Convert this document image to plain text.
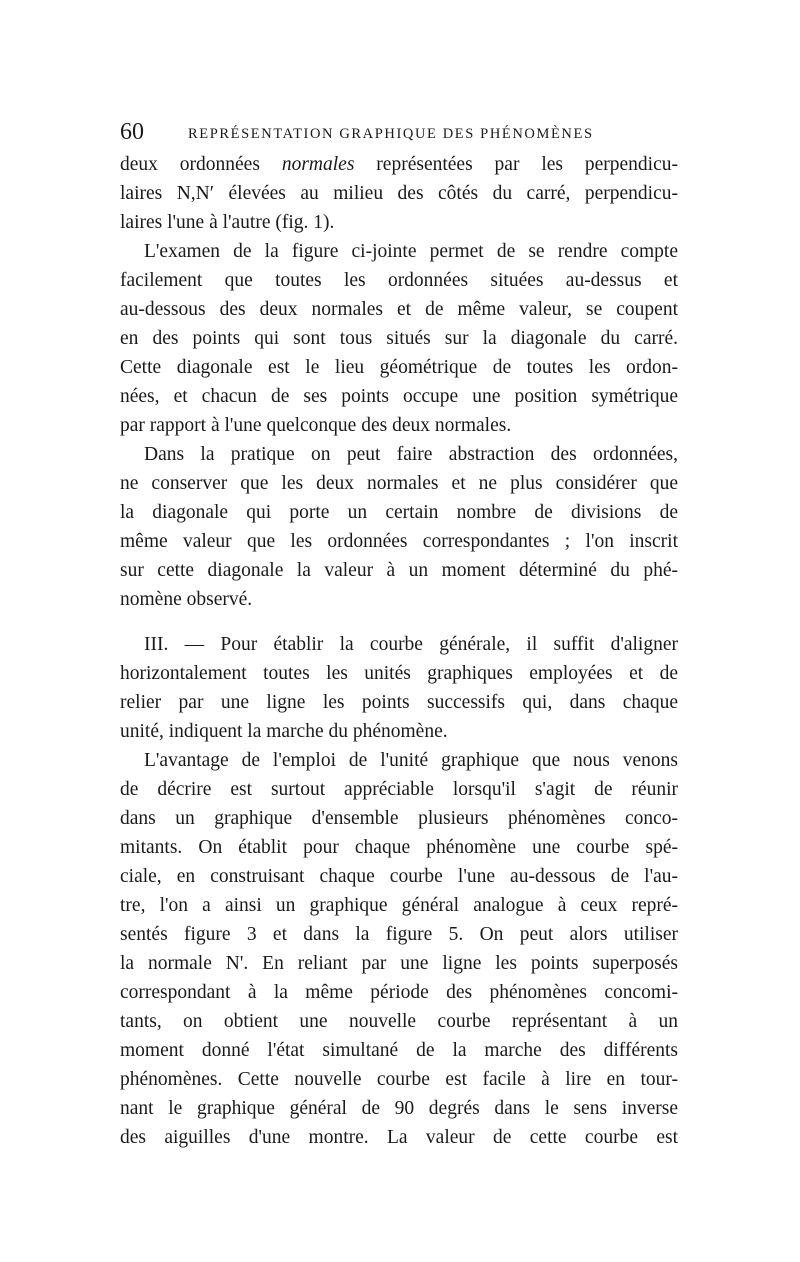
60	REPRÉSENTATION GRAPHIQUE DES PHÉNOMÈNES
deux ordonnées normales représentées par les perpendicu-
laires N,N′ élevées au milieu des côtés du carré, perpendicu-
laires l'une à l'autre (fig. 1).
L'examen de la figure ci-jointe permet de se rendre compte
facilement que toutes les ordonnées situées au-dessus et
au-dessous des deux normales et de même valeur, se coupent
en des points qui sont tous situés sur la diagonale du carré.
Cette diagonale est le lieu géométrique de toutes les ordon-
nées, et chacun de ses points occupe une position symétrique
par rapport à l'une quelconque des deux normales.
Dans la pratique on peut faire abstraction des ordonnées,
ne conserver que les deux normales et ne plus considérer que
la diagonale qui porte un certain nombre de divisions de
même valeur que les ordonnées correspondantes ; l'on inscrit
sur cette diagonale la valeur à un moment déterminé du phé-
nomène observé.
III. — Pour établir la courbe générale, il suffit d'aligner
horizontalement toutes les unités graphiques employées et de
relier par une ligne les points successifs qui, dans chaque
unité, indiquent la marche du phénomène.
L'avantage de l'emploi de l'unité graphique que nous venons
de décrire est surtout appréciable lorsqu'il s'agit de réunir
dans un graphique d'ensemble plusieurs phénomènes conco-
mitants. On établit pour chaque phénomène une courbe spé-
ciale, en construisant chaque courbe l'une au-dessous de l'au-
tre, l'on a ainsi un graphique général analogue à ceux repré-
sentés figure 3 et dans la figure 5. On peut alors utiliser
la normale N'. En reliant par une ligne les points superposés
correspondant à la même période des phénomènes concomi-
tants, on obtient une nouvelle courbe représentant à un
moment donné l'état simultané de la marche des différents
phénomènes. Cette nouvelle courbe est facile à lire en tour-
nant le graphique général de 90 degrés dans le sens inverse
des aiguilles d'une montre. La valeur de cette courbe est
